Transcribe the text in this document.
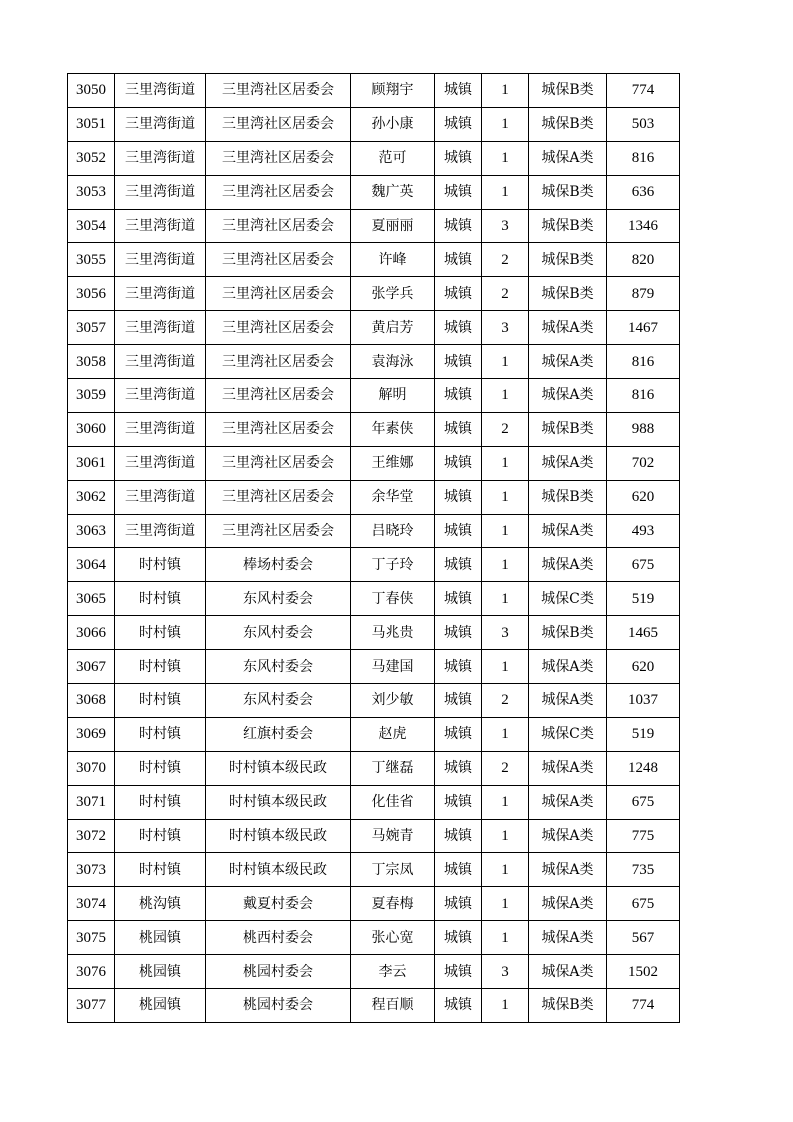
3050	三里湾街道	三里湾社区居委会	顾翔宇	城镇	1	城保B类	774
3051	三里湾街道	三里湾社区居委会	孙小康	城镇	1	城保B类	503
3052	三里湾街道	三里湾社区居委会	范可	城镇	1	城保A类	816
3053	三里湾街道	三里湾社区居委会	魏广英	城镇	1	城保B类	636
3054	三里湾街道	三里湾社区居委会	夏丽丽	城镇	3	城保B类	1346
3055	三里湾街道	三里湾社区居委会	许峰	城镇	2	城保B类	820
3056	三里湾街道	三里湾社区居委会	张学兵	城镇	2	城保B类	879
3057	三里湾街道	三里湾社区居委会	黄启芳	城镇	3	城保A类	1467
3058	三里湾街道	三里湾社区居委会	袁海泳	城镇	1	城保A类	816
3059	三里湾街道	三里湾社区居委会	解明	城镇	1	城保A类	816
3060	三里湾街道	三里湾社区居委会	年素侠	城镇	2	城保B类	988
3061	三里湾街道	三里湾社区居委会	王维娜	城镇	1	城保A类	702
3062	三里湾街道	三里湾社区居委会	余华堂	城镇	1	城保B类	620
3063	三里湾街道	三里湾社区居委会	吕晓玲	城镇	1	城保A类	493
3064	时村镇	棒场村委会	丁子玲	城镇	1	城保A类	675
3065	时村镇	东风村委会	丁春侠	城镇	1	城保C类	519
3066	时村镇	东风村委会	马兆贵	城镇	3	城保B类	1465
3067	时村镇	东风村委会	马建国	城镇	1	城保A类	620
3068	时村镇	东风村委会	刘少敏	城镇	2	城保A类	1037
3069	时村镇	红旗村委会	赵虎	城镇	1	城保C类	519
3070	时村镇	时村镇本级民政	丁继磊	城镇	2	城保A类	1248
3071	时村镇	时村镇本级民政	化佳省	城镇	1	城保A类	675
3072	时村镇	时村镇本级民政	马婉青	城镇	1	城保A类	775
3073	时村镇	时村镇本级民政	丁宗凤	城镇	1	城保A类	735
3074	桃沟镇	戴夏村委会	夏春梅	城镇	1	城保A类	675
3075	桃园镇	桃西村委会	张心宽	城镇	1	城保A类	567
3076	桃园镇	桃园村委会	李云	城镇	3	城保A类	1502
3077	桃园镇	桃园村委会	程百顺	城镇	1	城保B类	774
